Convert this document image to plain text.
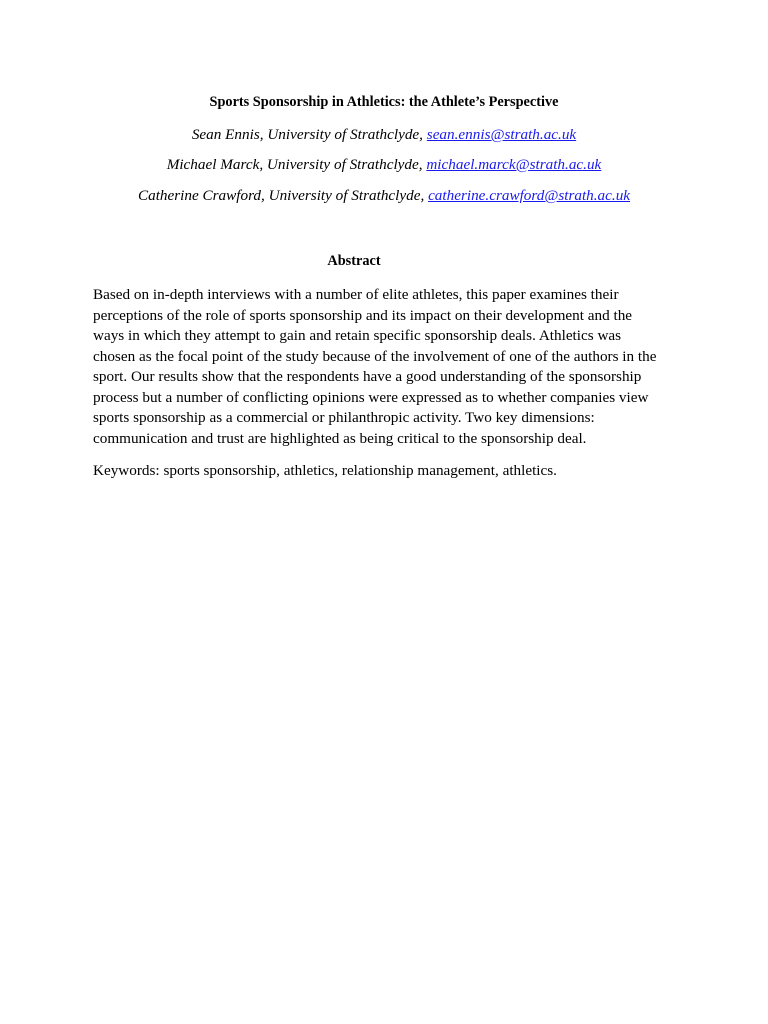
Sports Sponsorship in Athletics: the Athlete’s Perspective
Sean Ennis, University of Strathclyde, sean.ennis@strath.ac.uk
Michael Marck, University of Strathclyde, michael.marck@strath.ac.uk
Catherine Crawford, University of Strathclyde, catherine.crawford@strath.ac.uk
Abstract
Based on in-depth interviews with a number of elite athletes, this paper examines their
perceptions of the role of sports sponsorship and its impact on their development and the
ways in which they attempt to gain and retain specific sponsorship deals. Athletics was
chosen as the focal point of the study because of the involvement of one of the authors in the
sport. Our results show that the respondents have a good understanding of the sponsorship
process but a number of conflicting opinions were expressed as to whether companies view
sports sponsorship as a commercial or philanthropic activity. Two key dimensions:
communication and trust are highlighted as being critical to the sponsorship deal.
Keywords: sports sponsorship, athletics, relationship management, athletics.
